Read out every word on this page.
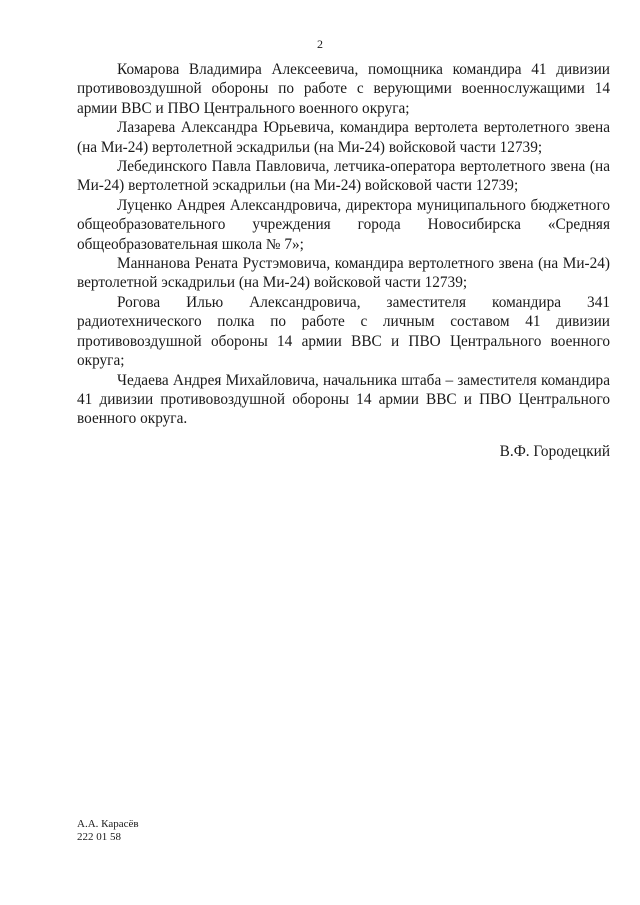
2

Комарова Владимира Алексеевича, помощника командира 41 дивизии противовоздушной обороны по работе с верующими военнослужащими 14 армии ВВС и ПВО Центрального военного округа;

Лазарева Александра Юрьевича, командира вертолета вертолетного звена (на Ми-24) вертолетной эскадрильи (на Ми-24) войсковой части 12739;

Лебединского Павла Павловича, летчика-оператора вертолетного звена (на Ми-24) вертолетной эскадрильи (на Ми-24) войсковой части 12739;

Луценко Андрея Александровича, директора муниципального бюджетного общеобразовательного учреждения города Новосибирска «Средняя общеобразовательная школа № 7»;

Маннанова Рената Рустэмовича, командира вертолетного звена (на Ми-24) вертолетной эскадрильи (на Ми-24) войсковой части 12739;

Рогова Илью Александровича, заместителя командира 341 радиотехнического полка по работе с личным составом 41 дивизии противовоздушной обороны 14 армии ВВС и ПВО Центрального военного округа;

Чедаева Андрея Михайловича, начальника штаба – заместителя командира 41 дивизии противовоздушной обороны 14 армии ВВС и ПВО Центрального военного округа.

В.Ф. Городецкий
А.А. Карасёв
222 01 58
